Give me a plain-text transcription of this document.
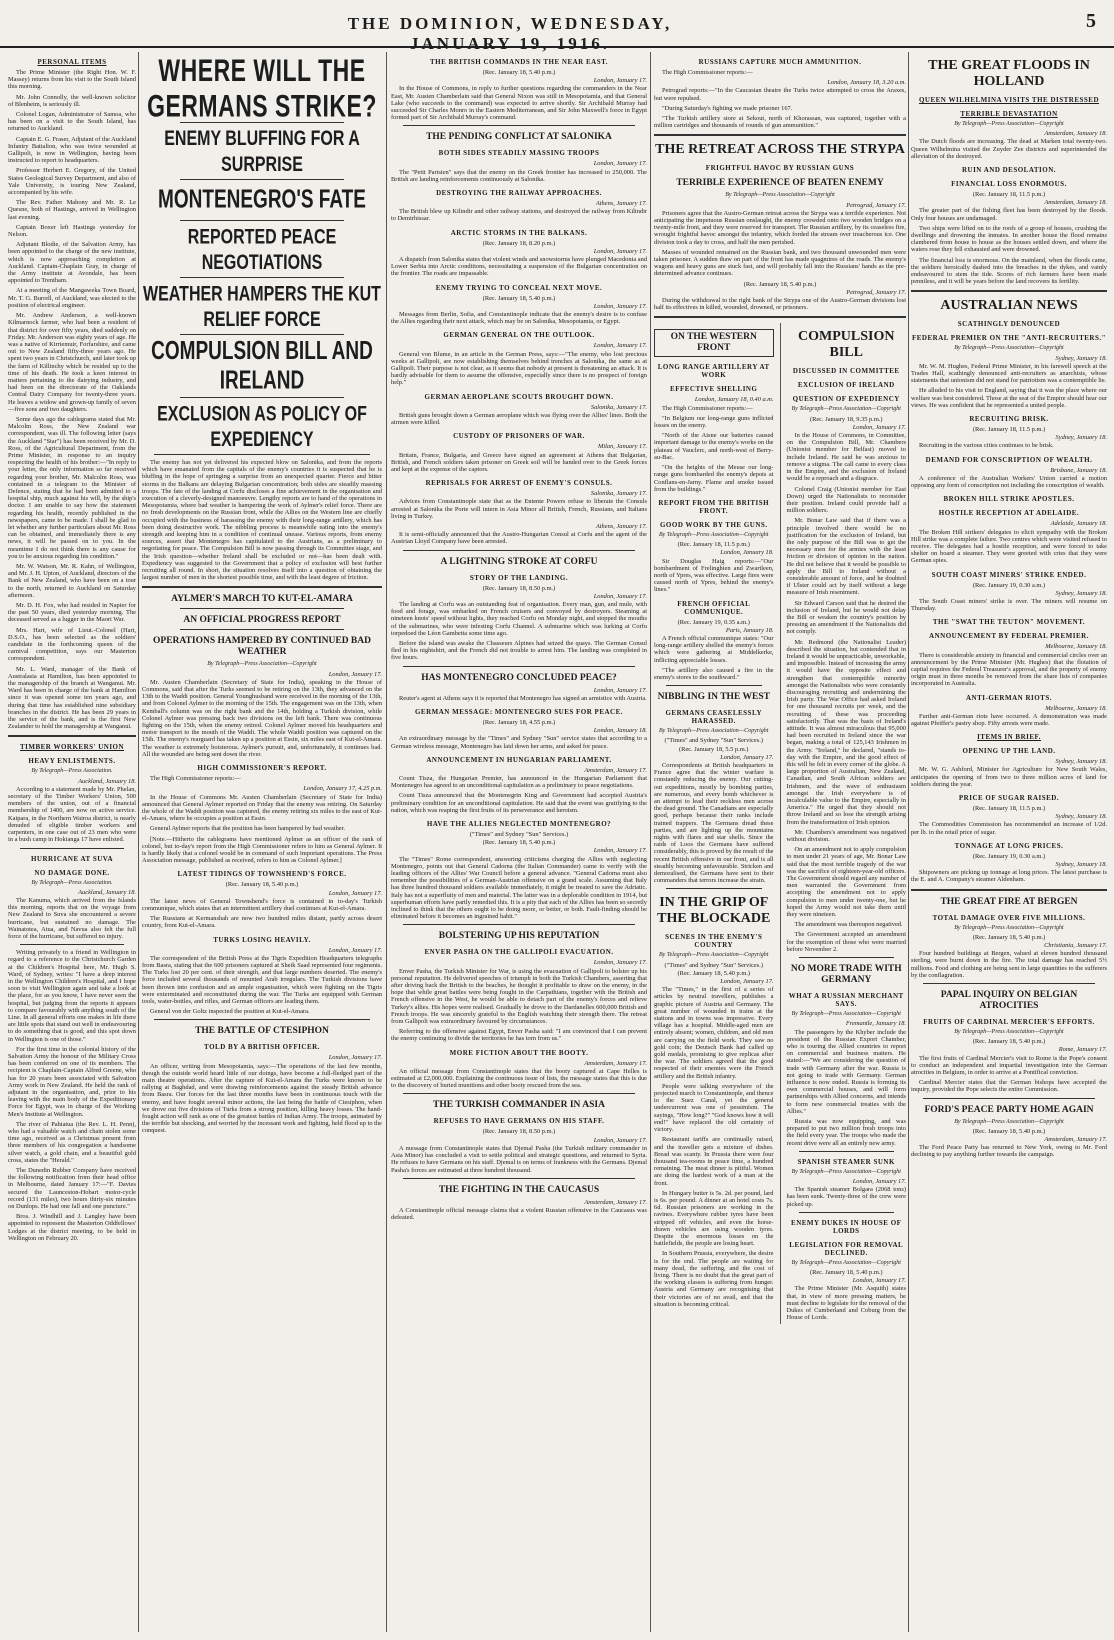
THE DOMINION, WEDNESDAY, JANUARY 19, 1916.
5
PERSONAL ITEMS

The Prime Minister (the Right Hon. W. F. Massey) returns from his visit to the South Island this morning.

Mr. John Connolly, the well-known solicitor of Blenheim, is seriously ill.

Colonel Logan, Administrator of Samoa, who has been on a visit to the South Island, has returned to Auckland.

Captain E. G. Fraser, Adjutant of the Auckland Infantry Battalion, who was twice wounded at Gallipoli, is now in Wellington, having been instructed to report to headquarters.

Professor Herbert E. Gregory, of the United States Geological Survey Department, and also of Yale University, is touring New Zealand, accompanied by his wife.

The Rev. Father Mahony and Mr. R. Le Quesne, both of Hastings, arrived in Wellington last evening.

Captain Boxer left Hastings yesterday for Nelson.

Adjutant Blodie, of the Salvation Army, has been appointed to the charge of the new institute, which is now approaching completion at Auckland. Captain-Chaplain Gray, in charge of the Army institute at Avondale, has been appointed to Trentham.

At a meeting of the Mangaweka Town Board, Mr. T. G. Burrell, of Auckland, was elected to the position of electrical engineer.

Mr. Andrew Anderson, a well-known Kilmarnock farmer, who had been a resident of that district for over fifty years, died suddenly on Friday. Mr. Anderson was eighty years of age. He was a native of Kirriemuir, Forfarshire, and came out to New Zealand fifty-three years ago. He spent two years in Christchurch, and later took up the farm of Killinchy which he resided up to the time of his death. He took a keen interest in matters pertaining to the dairying industry, and had been on the directorate of the Oaklands Central Dairy Company for twenty-three years. He leaves a widow and grown-up family of seven—five sons and two daughters.

Some days ago the cablegrams stated that Mr. Malcolm Ross, the New Zealand war correspondent, was ill. The following letter (says the Auckland "Star") has been received by Mr. D. Ross, of the Agricultural Department, from the Prime Minister, in response to an inquiry respecting the health of his brother:—"In reply to your letter, the only information so far received regarding your brother, Mr. Malcolm Ross, was contained in a telegram to the Minister of Defence, stating that he had been admitted to a hospital ship, much against his will, by the ship's doctor. I am unable to say how the statement regarding his health, recently published in the newspapers, came to be made. I shall be glad to let whether any further particulars about Mr. Ross can be obtained, and immediately there is any news, it will be passed on to you. In the meantime I do not think there is any cause for you to be anxious regarding his condition."

Mr. W. Watson, Mr. R. Kahn, of Wellington, and Mr. J. H. Upton, of Auckland, directors of the Bank of New Zealand, who have been on a tour to the north, returned to Auckland on Saturday afternoon.

Mr. D. H. Fox, who had resided in Napier for the past 50 years, died yesterday morning. The deceased served as a lugger in the Maori War.

Mrs. Hart, wife of Lieut.-Colonel (Hart, D.S.O., has been selected as the soldiers' candidate in the forthcoming queen of the carnival competition, says our Masterton correspondent.

Mr. L. Ward, manager of the Bank of Australasia at Hamilton, has been appointed to the managership of the branch at Wanganui. Mr. Ward has been in charge of the bank at Hamilton since it was opened some ten years ago, and during that time has established nine subsidiary branches in the district. He has been 29 years in the service of the bank, and is the first New Zealander to hold the managership at Wanganui.

TIMBER WORKERS' UNION
HEAVY ENLISTMENTS.
By Telegraph—Press Association.
Auckland, January 18.

According to a statement made by Mr. Phelan, secretary of the Timber Workers' Union, 500 members of the union, out of a financial membership of 1400, are now on active service. Kaipara, in the Northern Wairoa district, is nearly denuded of eligible timber workers and carpenters, in one case out of 23 men who were in a bush camp in Hokianga 17 have enlisted.

HURRICANE AT SUVA
NO DAMAGE DONE.
By Telegraph—Press Association.
Auckland, January 18.

The Kanuma, which arrived from the Islands this morning, reports that on the voyage from New Zealand to Suva she encountered a severe hurricane, but sustained no damage. The Wainatotea, Atua, and Navua also felt the full force of the hurricane, but suffered no injury.

Writing privately to a friend in Wellington in regard to a reference to the Christchurch Garden at the Children's Hospital here, Mr. Hugh S. Ward, of Sydney, writes: "I have a deep interest in the Wellington Children's Hospital, and I hope soon to visit Wellington again and take a look at the place, for as you know, I have never seen the hospital, but judging from the reports it appears to compare favourably with anything south of the Line. In all general efforts one makes in life there are little spots that stand out well in endeavouring to do something that is good, and this spot down in Wellington is one of those."

For the first time in the colonial history of the Salvation Army the honour of the Military Cross has been conferred on one of its members. The recipient is Chaplain-Captain Alfred Greene, who has for 20 years been associated with Salvation Army work in New Zealand. He held the rank of adjutant in the organisation, and, prior to his leaving with the main body of the Expeditionary Force for Egypt, was in charge of the Working Men's Institute at Wellington.

The river of Pahiatua (the Rev. L. H. Penn), who had a valuable watch and chain stolen some time ago, received as a Christmas present from three members of his congregation a handsome silver watch, a gold chain, and a beautiful gold cross, states the "Herald."

The Dunedin Rubber Company have received the following notification from their head office in Melbourne, dated January 17:—"F. Davies secured the Launceston-Hobart motor-cycle record (131 miles), two hours thirty-six minutes on Dunlops. He had one fall and one puncture."

Bros. J. Windhill and J. Langley have been appointed to represent the Masterton Oddfellows' Lodges at the district meeting, to be held in Wellington on February 20.

WHERE WILL THE GERMANS STRIKE?
ENEMY BLUFFING FOR A SURPRISE
MONTENEGRO'S FATE
REPORTED PEACE NEGOTIATIONS
WEATHER HAMPERS THE KUT RELIEF FORCE
COMPULSION BILL AND IRELAND
EXCLUSION AS POLICY OF EXPEDIENCY

The enemy has not yet delivered his expected blow on Salonika, and from the reports which have emanated from the capitals of the enemy's countries it is suspected that he is bluffing in the hope of springing a surprise from an unexpected quarter. Fierce and bitter storms in the Balkans are delaying Bulgarian concentration; both sides are steadily massing troops. The fate of the landing at Corfu discloses a fine achievement in the organisation and execution of a cleverly-designed manoeuvre. Lengthy reports are to hand of the operations in Mesopotamia, where bad weather is hampering the work of Aylmer's relief force. There are no fresh developments on the Russian front, while the Allies on the Western line are chiefly occupied with the business of harassing the enemy with their long-range artillery, which has been doing destructive work. The nibbling process is meanwhile eating into the enemy's strength and keeping him in a condition of continual unease. Various reports, from enemy sources, assert that Montenegro has capitulated to the Austrians, as a preliminary to negotiating for peace. The Compulsion Bill is now passing through its Committee stage, and the Irish question—whether Ireland shall be excluded or not—has been dealt with. Expediency was suggested to the Government that a policy of exclusion will best further recruiting all round. In short, the situation resolves itself into a question of obtaining the largest number of men in the shortest possible time, and with the least degree of friction.

AYLMER'S MARCH TO KUT-EL-AMARA
AN OFFICIAL PROGRESS REPORT
OPERATIONS HAMPERED BY CONTINUED BAD WEATHER
By Telegraph—Press Association—Copyright
London, January 17.

Mr. Austen Chamberlain (Secretary of State for India), speaking in the House of Commons, said that after the Turks seemed to be retiring on the 13th, they advanced on the 13th to the Waddi position. General Younghusband were received in the morning of the 13th, and from Colonel Aylmer to the morning of the 15th. The engagement was on the 13th, when Kemball's column was on the right bank and the 14th, holding a Turkish division, while Colonel Aylmer was pressing back two divisions on the left bank. There was continuous fighting on the 15th, when the enemy retired. Colonel Aylmer moved his headquarters and motor transport to the mouth of the Waddi. The whole Waddi position was captured on the 15th. The enemy's rearguard has taken up a position at Essin, six miles east of Kut-el-Amara. The weather is extremely boisterous. Aylmer's pursuit, and, unfortunately, it continues bad. All the wounded are being sent down the river.

HIGH COMMISSIONER'S REPORT.

The High Commissioner reports:—

London, January 17, 4.25 p.m.

In the House of Commons Mr. Austen Chamberlain (Secretary of State for India) announced that General Aylmer reported on Friday that the enemy was retiring. On Saturday the whole of the Waddi position was captured, the enemy retiring six miles to the east of Kut-el-Amara, where he occupies a position at Essin.

General Aylmer reports that the position has been hampered by bad weather.

[Note.—Hitherto the cablegrams have mentioned Aylmer as an officer of the rank of colonel, but to-day's report from the High Commissioner refers to him as General Aylmer. It is hardly likely that a colonel would be in command of such important operations. The Press Association message, published as received, refers to him as Colonel Aylmer.]

LATEST TIDINGS OF TOWNSHEND'S FORCE.
(Rec. January 18, 5.40 p.m.)
London, January 17.

The latest news of General Townshend's force is contained in to-day's Turkish communique, which states that an intermittent artillery duel continues at Kut-el-Amara.

The Russians at Kermanshah are now two hundred miles distant, partly across desert country, from Kut-el-Amara.

TURKS LOSING HEAVILY.
London, January 17.

The correspondent of the British Press at the Tigris Expedition Headquarters telegraphs from Basra, stating that the 600 prisoners captured at Sheik Saad represented four regiments. The Turks lost 20 per cent. of their strength, and that large numbers deserted. The enemy's force included several thousands of mounted Arab irregulars. The Turkish divisions have been thrown into confusion and an ample organisation, which were fighting on the Tigris were exterminated and reconstituted during the war. The Turks are equipped with German tools, water-bottles, and rifles, and German officers are leading them.

General von der Goltz inspected the position at Kut-el-Amara.

THE BATTLE OF CTESIPHON
TOLD BY A BRITISH OFFICER.
London, January 17.

An officer, writing from Mesopotamia, says:—The operations of the last few months, though the outside world heard little of our doings, have become a full-fledged part of the main theatre operations. After the capture of Kut-el-Amara the Turks were known to be rallying at Baghdad, and were drawing reinforcements against the steady British advance from Basra. Our forces for the last three months have been in continuous touch with the enemy, and have fought several minor actions, the last being the battle of Ctesiphon, when we drove out five divisions of Turks from a strong position, killing heavy losses. The hand-fought action will rank as one of the greatest battles of Indian Army. The troops, animated by the terrible but shocking, and worried by the incessant work and fighting, held flood up to the conquest.

THE BRITISH COMMANDS IN THE NEAR EAST.
(Rec. January 18, 5.40 p.m.)
London, January 17.

In the House of Commons, in reply to further questions regarding the commanders in the Near East, Mr. Austen Chamberlain said that General Nixon was still in Mesopotamia, and that General Lake (who succeeds to the command) was expected to arrive shortly. Sir Archibald Murray had succeeded Sir Charles Monro in the Eastern Mediterranean, and Sir John Maxwell's force in Egypt formed part of Sir Archibald Murray's command.

THE PENDING CONFLICT AT SALONIKA
BOTH SIDES STEADILY MASSING TROOPS
London, January 17.

The "Petit Parisien" says that the enemy on the Greek frontier has increased to 250,000. The British are landing reinforcements continuously at Salonika.

DESTROYING THE RAILWAY APPROACHES.
Athens, January 17.

The British blew up Kilindir and other railway stations, and destroyed the railway from Kilindir to Demirhissar.

ARCTIC STORMS IN THE BALKANS.
(Rec. January 18, 8.20 p.m.)
London, January 17.

A dispatch from Salonika states that violent winds and snowstorms have plunged Macedonia and Lower Serbia into Arctic conditions, necessitating a suspension of the Bulgarian concentration on the frontier. The roads are impassable.

ENEMY TRYING TO CONCEAL NEXT MOVE.
(Rec. January 18, 5.40 p.m.)
London, January 17.

Messages from Berlin, Sofia, and Constantinople indicate that the enemy's desire is to confuse the Allies regarding their next attack, which may be on Salonika, Mesopotamia, or Egypt.

GERMAN GENERAL ON THE OUTLOOK.
London, January 17.

General von Blume, in an article in the German Press, says:—"The enemy, who lost precious weeks at Gallipoli, are now establishing themselves behind trenches at Salonika, the same as at Gallipoli. Their purpose is not clear, as it seems that nobody at present is threatening an attack. It is hardly advisable for them to assume the offensive, especially since there is no prospect of foreign help."

GERMAN AEROPLANE SCOUTS BROUGHT DOWN.
Salonika, January 17.

British guns brought down a German aeroplane which was flying over the Allies' lines. Both the airmen were killed.

CUSTODY OF PRISONERS OF WAR.
Milan, January 17.

Britain, France, Bulgaria, and Greece have signed an agreement at Athens that Bulgarian, British, and French soldiers taken prisoner on Greek soil will be handed over to the Greek forces and kept at the expense of the captors.

REPRISALS FOR ARREST OF ENEMY'S CONSULS.
Salonika, January 17.

Advices from Constantinople state that as the Entente Powers refuse to liberate the Consuls arrested at Salonika the Porte will intern in Asia Minor all British, French, Russians, and Italians living in Turkey.

Athens, January 17.

It is semi-officially announced that the Austro-Hungarian Consul at Corfu and the agent of the Austrian Lloyd Company have been arrested.

A LIGHTNING STROKE AT CORFU
STORY OF THE LANDING.
(Rec. January 18, 8.50 p.m.)
London, January 17.

The landing at Corfu was an outstanding feat of organisation. Every man, gun, and mule, with food and forage, was embarked on French cruisers and convoyed by destroyers. Steaming at nineteen knots' speed without lights, they reached Corfu on Monday night, and stopped the mouths of the submarines, who were infesting Corfu Channel. A submarine which was lurking at Corfu torpedoed the Léon Gambetta some time ago.

Before the island was awake the Chasseurs Alpines had seized the quays. The German Consul fled in his nightshirt, and the French did not trouble to arrest him. The landing was completed in five hours.

HAS MONTENEGRO CONCLUDED PEACE?
London, January 17.

Reuter's agent at Athens says it is reported that Montenegro has signed an armistice with Austria.

GERMAN MESSAGE: MONTENEGRO SUES FOR PEACE.
(Rec. January 18, 4.55 p.m.)
London, January 18.

An extraordinary message by the "Times" and Sydney "Sun" service states that according to a German wireless message, Montenegro has laid down her arms, and asked for peace.

ANNOUNCEMENT IN HUNGARIAN PARLIAMENT.
Amsterdam, January 17.

Count Tisza, the Hungarian Premier, has announced in the Hungarian Parliament that Montenegro has agreed to an unconditional capitulation as a preliminary to peace negotiations.

Count Tisza announced that the Montenegrin King and Government had accepted Austria's preliminary condition for an unconditional capitulation. He said that the event was gratifying to the nation, which was reaping the first fruits of its perseverance and heroism.

HAVE THE ALLIES NEGLECTED MONTENEGRO?
("Times" and Sydney "Sun" Services.)
(Rec. January 18, 5.40 p.m.)
London, January 17.

The "Times" Rome correspondent, answering criticisms charging the Allies with neglecting Montenegro, points out that General Cadorna (the Italian Commander) came to verify with the leading officers of the Allies' War Council before a general advance. "General Cadorna must also remember the possibilities of a German-Austrian offensive on a grand scale. Assuming that Italy has three hundred thousand soldiers available immediately, it might be treated to save the Adriatic. Italy has not a superfluity of men and material. The latter was in a deplorable condition in 1914, but superhuman efforts have partly remedied this. It is a pity that each of the Allies has been so secretly inclined to think that the others ought to be doing more, or better, or both. Fault-finding should be eliminated before it becomes an ingrained habit."

BOLSTERING UP HIS REPUTATION
ENVER PASHA ON THE GALLIPOLI EVACUATION.
London, January 17.

Enver Pasha, the Turkish Minister for War, is using the evacuation of Gallipoli to bolster up his personal reputation. He delivered speeches of triumph in both the Turkish Chambers, asserting that after driving back the British to the beaches, he thought it profitable to draw on the enemy, in the hope that while great battles were being fought in the Carpathians, together with the British and French offensive in the West, he would be able to detach part of the enemy's forces and relieve Turkey's allies. His hopes were realised. Gradually he drove to the Dardanelles 600,000 British and French troops. He was sincerely grateful to the English watching their strength there. The retreat from Gallipoli was extraordinary favoured by circumstances.

Referring to the offensive against Egypt, Enver Pasha said: "I am convinced that I can prevent the enemy continuing to divide the territories he has torn from us."

MORE FICTION ABOUT THE BOOTY.
Amsterdam, January 17.

An official message from Constantinople states that the booty captured at Cape Helles is estimated at £2,000,000. Explaining the continuous issue of lists, the message states that this is due to the discovery of buried munitions and other booty rescued from the sea.

THE TURKISH COMMANDER IN ASIA
REFUSES TO HAVE GERMANS ON HIS STAFF.
(Rec. January 18, 8.50 p.m.)
London, January 17.

A message from Constantinople states that Djemal Pasha (the Turkish military commander in Asia Minor) has concluded a visit to settle political and strategic questions, and returned to Syria. He refuses to have Germans on his staff. Djemal is on terms of frankness with the Germans. Djemal Pasha's forces are estimated at three hundred thousand.

THE FIGHTING IN THE CAUCASUS
Amsterdam, January 17.

A Constantinople official message claims that a violent Russian offensive in the Caucasus was defeated.

RUSSIANS CAPTURE MUCH AMMUNITION.

The High Commissioner reports:—

London, January 18, 3.20 a.m.

Petrograd reports:—"In the Caucasian theatre the Turks twice attempted to cross the Araxes, but were repulsed.

"During Saturday's fighting we made prisoner 167.

"The Turkish artillery store at Sekout, north of Khorassan, was captured, together with a million cartridges and thousands of rounds of gun ammunition."

THE RETREAT ACROSS THE STRYPA
FRIGHTFUL HAVOC BY RUSSIAN GUNS
TERRIBLE EXPERIENCE OF BEATEN ENEMY
By Telegraph—Press Association—Copyright
Petrograd, January 17.

Prisoners agree that the Austro-German retreat across the Strypa was a terrible experience. Not anticipating the impetuous Russian onslaught, the enemy crowded onto two wooden bridges on a twenty-mile front, and they were reserved for transport. The Russian artillery, by its ceaseless fire, wrought frightful havoc amongst the infantry, which forded the stream over treacherous ice. One division took a day to cross, and half the men perished.

Masses of wounded remained on the Russian bank, and two thousand unwounded men were taken prisoner. A sudden thaw on part of the front has made quagmires of the roads. The enemy's wagons and heavy guns are stuck fast, and will probably fall into the Russians' hands as the pre-determined advance continues.

(Rec. January 18, 5.40 p.m.)
Petrograd, January 17.

During the withdrawal to the right bank of the Strypa one of the Austro-German divisions lost half its effectives in killed, wounded, drowned, or prisoners.

ON THE WESTERN FRONT
LONG RANGE ARTILLERY AT WORK
EFFECTIVE SHELLING
London, January 18, 0.40 a.m.

The High Commissioner reports:—

"In Belgium our long-range guns inflicted losses on the enemy.

"North of the Aisne our batteries caused important damage to the enemy's works on the plateau of Vauclerc, and north-west of Berry-au-Bac.

"On the heights of the Meuse our long-range guns bombarded the enemy's depots at Conflans-en-Jarny. Flame and smoke issued from the buildings."

REPORT FROM THE BRITISH FRONT.
GOOD WORK BY THE GUNS.
By Telegraph—Press Association—Copyright
(Rec. January 18, 11.5 p.m.)
London, January 18.

Sir Douglas Haig reports:—"Our bombardment of Frelinghien and Zwartleen, north of Ypres, was effective. Large fires were caused north of Ypres, behind the enemy's lines."

FRENCH OFFICIAL COMMUNIQUE.
(Rec. January 19, 0.35 a.m.)
Paris, January 18.

A French official communique states: "Our long-range artillery shelled the enemy's forces which were gathering at Middelkerke, inflicting appreciable losses.

"The artillery also caused a fire in the enemy's stores to the southward."

NIBBLING IN THE WEST
GERMANS CEASELESSLY HARASSED.
By Telegraph—Press Association—Copyright
("Times" and Sydney "Sun" Services.)
(Rec. January 18, 5.5 p.m.)
London, January 17.

Correspondents at British headquarters in France agree that the winter warfare is constantly reducing the enemy. Our cutting-out expeditions, mostly by bombing parties, are numerous, and every bomb whichever is an attempt to lead their reckless men across the dead ground. The Canadians are especially good, perhaps because their ranks include trained trappers. The Germans dread these parties, and are lighting up the mountains nights with flares and star shells. Since the raids of Loos the Germans have suffered considerably, this is proved by the result of the recent British offensive in our front, and is all steadily becoming unfavourable. Stricken and demoralised, the Germans have sent to their commanders that terrors increase the strain.

IN THE GRIP OF THE BLOCKADE
SCENES IN THE ENEMY'S COUNTRY
By Telegraph—Press Association—Copyright
("Times" and Sydney "Sun" Services.)
(Rec. January 18, 5.40 p.m.)
London, January 17.

The "Times," in the first of a series of articles by neutral travellers, publishes a graphic picture of Austria and Germany. The great number of wounded in trains at the stations and in towns was impressive. Every village has a hospital. Middle-aged men are entirely absent; women, children, and old men are carrying on the field work. They saw no gold coin; the Deutsch Bank had called up gold medals, promising to give replicas after the war. The soldiers agreed that the good respected of their enemies were the French artillery and the British infantry.

People were talking everywhere of the projected march to Constantinople, and thence to the Suez Canal, yet the general undercurrent was one of pessimism. The sayings, "How long?" "God knows how it will end!" have replaced the old certainty of victory.

Restaurant tariffs are continually raised, and the traveller gets a mixture of dishes. Bread was scanty. In Prussia there were four thousand tea-rooms in peace time, a hundred remaining. The meat dinner is pitiful. Women are doing the hardest work of a man at the front.

In Hungary butter is 5s. 2d. per pound, lard is 6s. per pound. A dinner at an hotel costs 7s. 6d. Russian prisoners are working in the ravines. Everywhere rubber tyres have been stripped off vehicles, and even the horse-drawn vehicles are using wooden tyres. Despite the enormous losses on the battlefields, the people are losing heart.

In Southern Prussia, everywhere, the desire is for the end. The people are waiting for many dead, the suffering, and the cost of living. There is no doubt that the great part of the working classes is suffering from hunger. Austria and Germany are recognising that their victories are of no avail, and that the situation is becoming critical.

COMPULSION BILL
DISCUSSED IN COMMITTEE
EXCLUSION OF IRELAND
QUESTION OF EXPEDIENCY
By Telegraph—Press Association—Copyright
(Rec. January 18, 9.35 p.m.)
London, January 17.

In the House of Commons, in Committee, on the Compulsion Bill, Mr. Chambers (Unionist member for Belfast) moved to include Ireland. He said he was anxious to remove a stigma. The call came to every class in the Empire, and the exclusion of Ireland would be a reproach and a disgrace.

Colonel Craig (Unionist member for East Down) urged the Nationalists to reconsider their position. Ireland could provide half a million soldiers.

Mr. Bonar Law said that if there was a principle involved there would be no justification for the exclusion of Ireland, but the only purpose of the Bill was to get the necessary men for the armies with the least friction or division of opinion in the nation. He did not believe that it would be possible to apply the Bill to Ireland without a considerable amount of force, and he doubted if Ulster could act by itself without a large measure of Irish resentment.

Sir Edward Carson said that he desired the inclusion of Ireland, but he would not delay the Bill or weaken the country's position by pressing an amendment if the Nationalists did not comply.

Mr. Redmond (the Nationalist Leader) described the situation, but contended that in Ireland it would be unpracticable, unworkable, and impossible. Instead of increasing the army it would have the opposite effect and strengthen that contemptible minority amongst the Nationalists who were constantly discouraging recruiting and undermining the Irish party. The War Office had asked Ireland for one thousand recruits per week, and the recruiting of these was proceeding satisfactorily. That was the basis of Ireland's attitude. It was almost miraculous that 95,000 had been recruited in Ireland since the war began, making a total of 125,143 Irishmen in the Army. "Ireland," he declared, "stands to-day with the Empire, and the good effect of this will be felt in every corner of the globe. A large proportion of Australian, New Zealand, Canadian, and South African soldiers are Irishmen, and the wave of enthusiasm amongst the Irish everywhere is of incalculable value to the Empire, especially in America." He urged that they should not throw Ireland and so lose the strength arising from the transformation of Irish opinion.

Mr. Chambers's amendment was negatived without division.

On an amendment not to apply compulsion to men under 21 years of age, Mr. Bonar Law said that the most terrible tragedy of the war was the sacrifice of eighteen-year-old officers. The Government should regard any number of men warranted the Government from accepting the amendment not to apply compulsion to men under twenty-one, but he hoped the Army would not take them until they were nineteen.

The amendment was thereupon negatived.

The Government accepted an amendment for the exemption of those who were married before November 2.

NO MORE TRADE WITH GERMANY
WHAT A RUSSIAN MERCHANT SAYS.
By Telegraph—Press Association—Copyright
Fremantle, January 18.

The passengers by the Khyber include the president of the Russian Export Chamber, who is touring the Allied countries to report on commercial and business matters. He stated:—"We are considering the question of trade with Germany after the war. Russia is not going to trade with Germany. German influence is now ended. Russia is forming its own commercial houses, and will form partnerships with Allied concerns, and intends to form new commercial treaties with the Allies."

Russia was now equipping, and was prepared to put two million fresh troops into the field every year. The troops who made the recent drive were all an entirely new army.

SPANISH STEAMER SUNK
By Telegraph—Press Association—Copyright
London, January 17.

The Spanish steamer Bolgara (2068 tons) has been sunk. Twenty-three of the crew were picked up.

ENEMY DUKES IN HOUSE OF LORDS
LEGISLATION FOR REMOVAL DECLINED.
By Telegraph—Press Association—Copyright
(Rec. January 18, 5.40 p.m.)
London, January 17.

The Prime Minister (Mr. Asquith) states that, in view of more pressing matters, he must decline to legislate for the removal of the Dukes of Cumberland and Coburg from the House of Lords.

THE GREAT FLOODS IN HOLLAND
QUEEN WILHELMINA VISITS THE DISTRESSED
TERRIBLE DEVASTATION
By Telegraph—Press Association—Copyright
Amsterdam, January 18.

The Dutch floods are increasing. The dead at Marken total twenty-two. Queen Wilhelmina visited the Zuyder Zee districts and superintended the alleviation of the destroyed.

RUIN AND DESOLATION.
FINANCIAL LOSS ENORMOUS.
(Rec. January 18, 11.5 p.m.)
Amsterdam, January 18.

The greater part of the fishing fleet has been destroyed by the floods. Only four houses are undamaged.

Two ships were lifted on to the roofs of a group of houses, crushing the dwellings and drowning the inmates. In another house the flood remains clambered from house to house as the houses settled down, and where the waters rose they fell exhausted and were drowned.

The financial loss is enormous. On the mainland, when the floods came, the soldiers heroically dashed into the breaches in the dykes, and vainly endeavoured to stem the tide. Scores of rich farmers have been made penniless, and it will be years before the land recovers its fertility.

AUSTRALIAN NEWS
SCATHINGLY DENOUNCED
FEDERAL PREMIER ON THE "ANTI-RECRUITERS."
By Telegraph—Press Association—Copyright
Sydney, January 18.

Mr. W. M. Hughes, Federal Prime Minister, in his farewell speech at the Trades Hall, scathingly denounced anti-recruiters as anarchists, whose statements that unionism did not stand for patriotism was a contemptible lie.

He alluded to his visit to England, saying that it was the place where our welfare was best considered. Those at the seat of the Empire should hear our views. He was confident that he represented a united people.

RECRUITING BRISK.
(Rec. January 18, 11.5 p.m.)
Sydney, January 18.

Recruiting in the various cities continues to be brisk.

DEMAND FOR CONSCRIPTION OF WEALTH.
Brisbane, January 18.

A conference of the Australian Workers' Union carried a motion opposing any form of conscription not including the conscription of wealth.

BROKEN HILL STRIKE APOSTLES.
HOSTILE RECEPTION AT ADELAIDE.
Adelaide, January 18.

The Broken Hill strikers' delegates to elicit sympathy with the Broken Hill strike was a complete failure. Two centres which were visited refused to receive. The delegates had a hostile reception, and were forced to take shelter on board a steamer. They were greeted with cries that they were German spies.

SOUTH COAST MINERS' STRIKE ENDED.
(Rec. January 19, 0.30 a.m.)
Sydney, January 18.

The South Coast miners' strike is over. The miners will resume on Thursday.

THE "SWAT THE TEUTON" MOVEMENT.
ANNOUNCEMENT BY FEDERAL PREMIER.
Melbourne, January 18.

There is considerable anxiety in financial and commercial circles over an announcement by the Prime Minister (Mr. Hughes) that the flotation of capital requires the Federal Treasurer's approval, and the property of enemy origin must in three months be removed from the share lists of companies incorporated in Australia.

ANTI-GERMAN RIOTS.
Melbourne, January 18.

Further anti-German riots have occurred. A demonstration was made against Pfeiffer's pastry shop. Fifty arrests were made.

ITEMS IN BRIEF.
OPENING UP THE LAND.
Sydney, January 18.

Mr. W. G. Ashford, Minister for Agriculture for New South Wales, anticipates the opening of from two to three million acres of land for soldiers during the year.

PRICE OF SUGAR RAISED.
(Rec. January 18, 11.5 p.m.)
Sydney, January 18.

The Commodities Commission has recommended an increase of 1/2d. per lb. in the retail price of sugar.

TONNAGE AT LONG PRICES.
(Rec. January 19, 0.30 a.m.)
Sydney, January 18.

Shipowners are picking up tonnage at long prices. The latest purchase is the E. and A. Company's steamer Aldenham.

THE GREAT FIRE AT BERGEN
TOTAL DAMAGE OVER FIVE MILLIONS.
By Telegraph—Press Association—Copyright
(Rec. January 18, 5.40 p.m.)
Christiania, January 17.

Four hundred buildings at Bergen, valued at eleven hundred thousand sterling, were burnt down in the fire. The total damage has reached 5½ millions. Food and clothing are being sent in large quantities to the sufferers by the conflagration.

PAPAL INQUIRY ON BELGIAN ATROCITIES
FRUITS OF CARDINAL MERCIER'S EFFORTS.
By Telegraph—Press Association—Copyright
(Rec. January 18, 5.40 p.m.)
Rome, January 17.

The first fruits of Cardinal Mercier's visit to Rome is the Pope's consent to conduct an independent and impartial investigation into the German atrocities in Belgium, in order to arrive at a Pontifical conviction.

Cardinal Mercier states that the German bishops have accepted the inquiry, provided the Pope selects the entire Commission.

FORD'S PEACE PARTY HOME AGAIN
By Telegraph—Press Association—Copyright
(Rec. January 18, 5.40 p.m.)
Amsterdam, January 17.

The Ford Peace Party has returned to New York, owing to Mr. Ford declining to pay anything further towards the campaign.
